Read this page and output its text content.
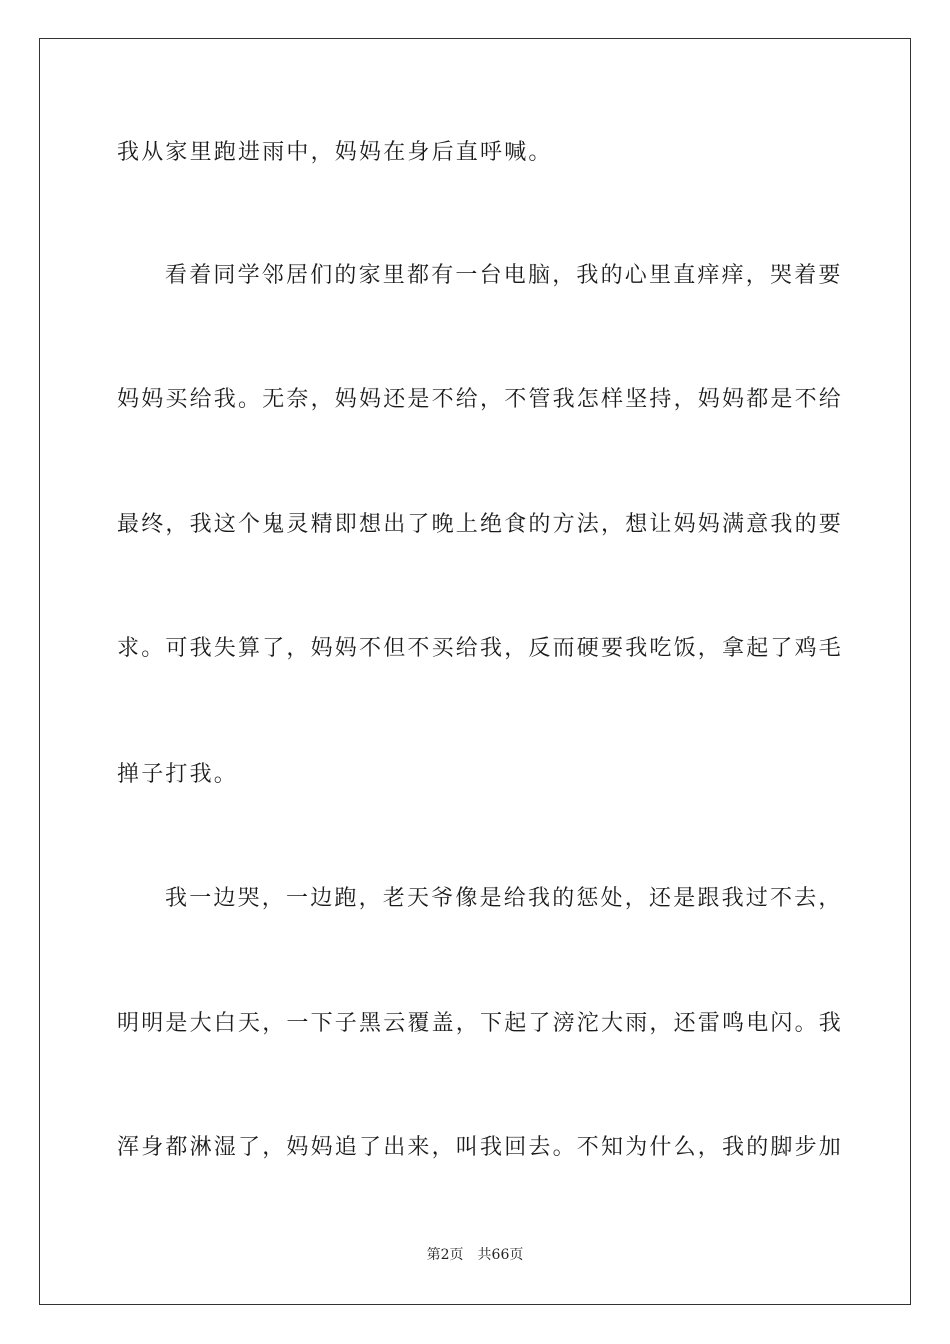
我从家里跑进雨中，妈妈在身后直呼喊。
看着同学邻居们的家里都有一台电脑，我的心里直痒痒，哭着要
妈妈买给我。无奈，妈妈还是不给，不管我怎样坚持，妈妈都是不给
最终，我这个鬼灵精即想出了晚上绝食的方法，想让妈妈满意我的要
求。可我失算了，妈妈不但不买给我，反而硬要我吃饭，拿起了鸡毛
掸子打我。
我一边哭，一边跑，老天爷像是给我的惩处，还是跟我过不去，
明明是大白天，一下子黑云覆盖，下起了滂沱大雨，还雷鸣电闪。我
浑身都淋湿了，妈妈追了出来，叫我回去。不知为什么，我的脚步加
第2页 共66页
